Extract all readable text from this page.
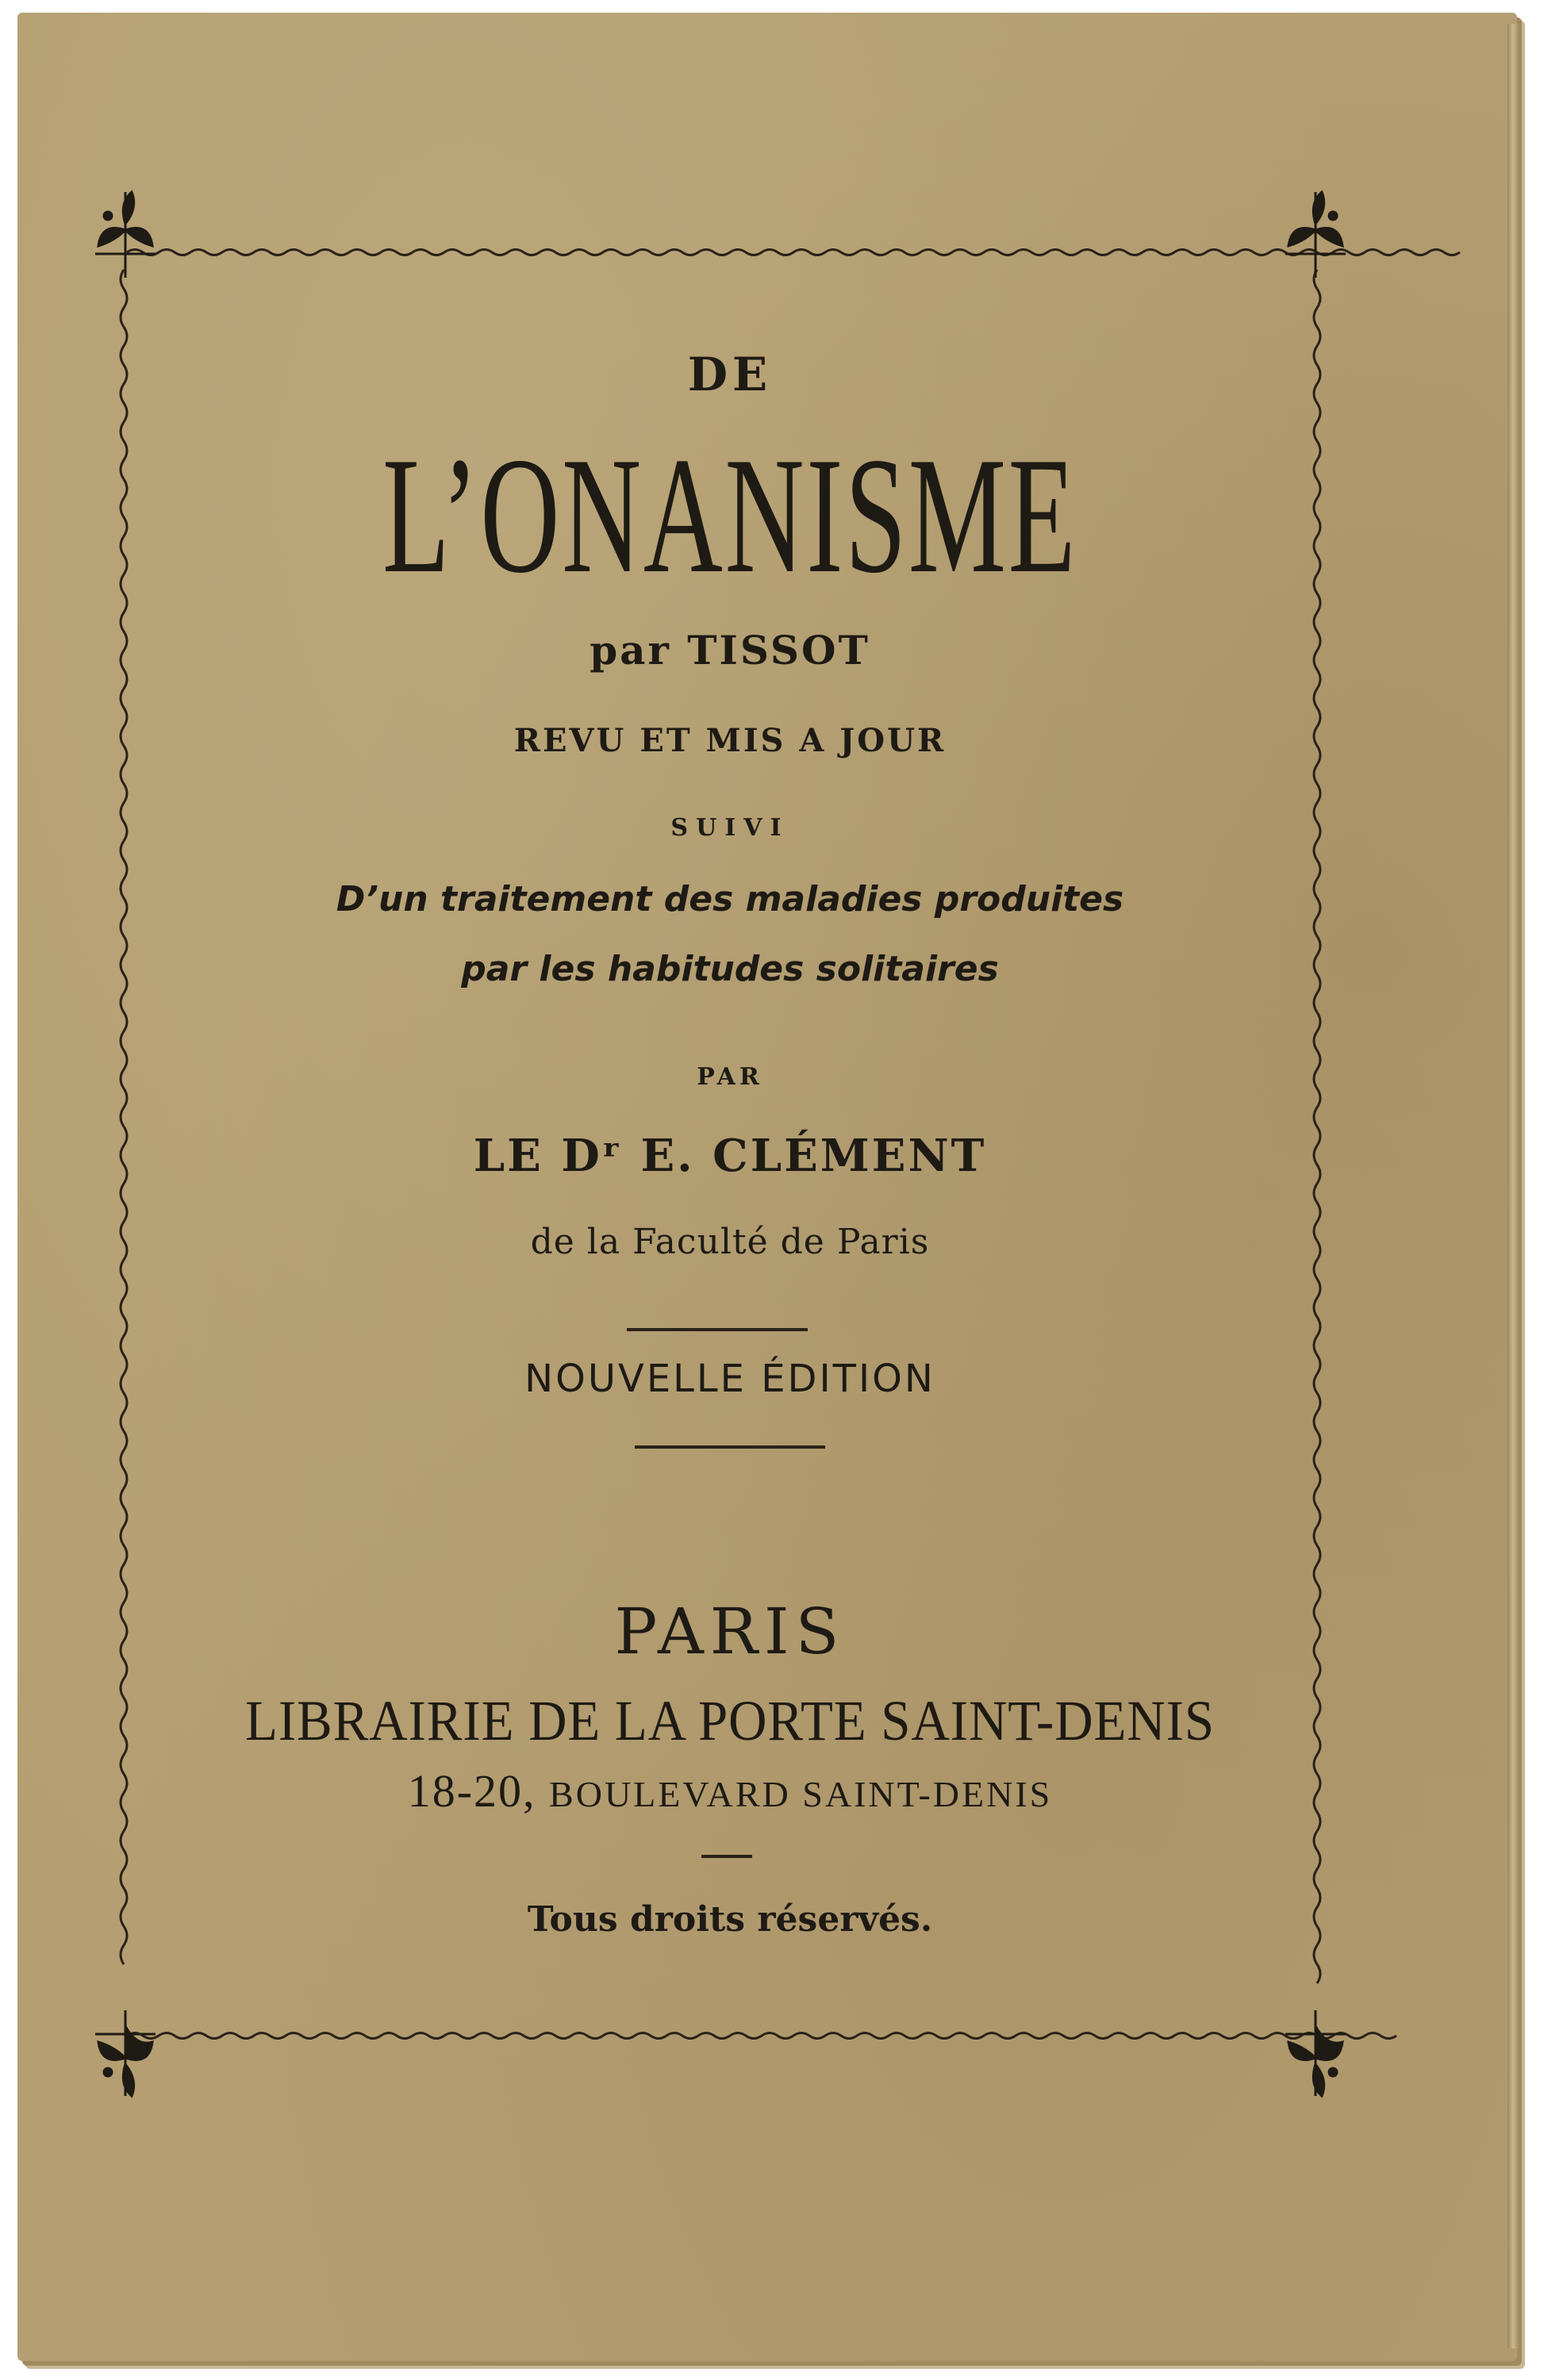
DE
L’ONANISME
par TISSOT
REVU ET MIS A JOUR
SUIVI
D’un traitement des maladies produites
par les habitudes solitaires
PAR
LE Dʳ E. CLÉMENT
de la Faculté de Paris
NOUVELLE ÉDITION
PARIS
LIBRAIRIE DE LA PORTE SAINT-DENIS
18-20, BOULEVARD SAINT-DENIS
Tous droits réservés.
